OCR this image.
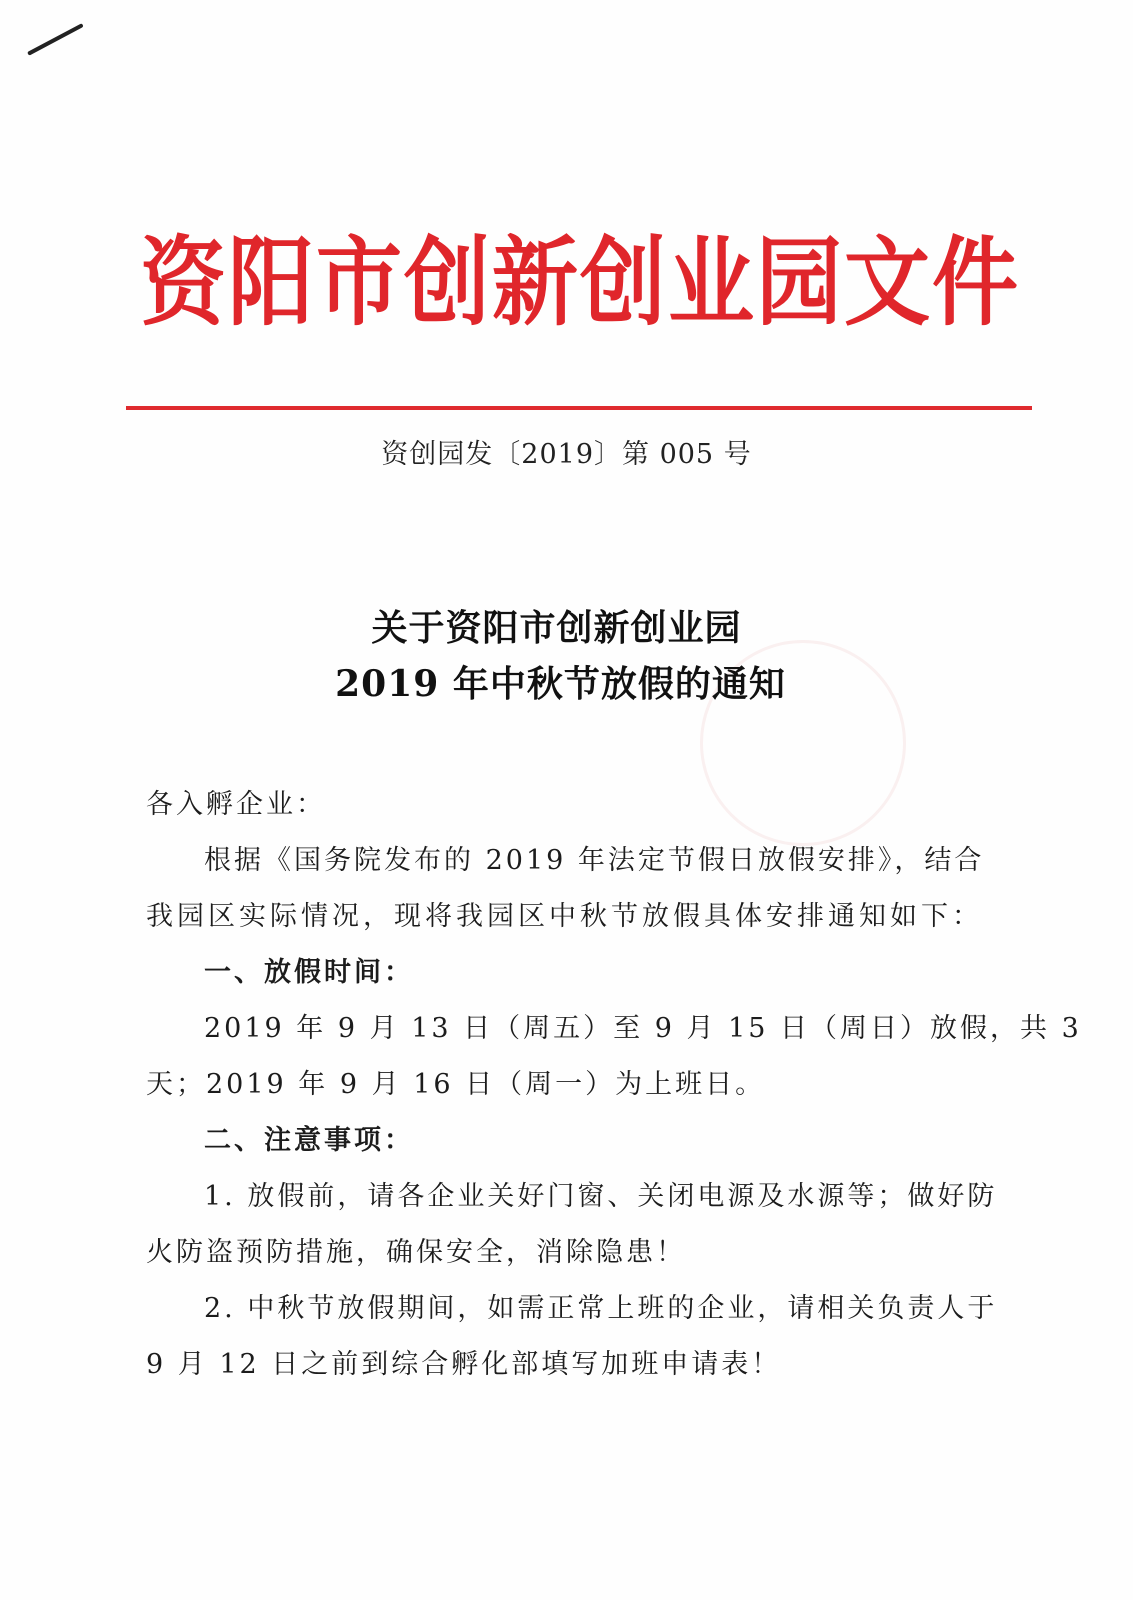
资阳市创新创业园文件
资创园发〔2019〕第 005 号
关于资阳市创新创业园
2019 年中秋节放假的通知
各入孵企业：
根据《国务院发布的 2019 年法定节假日放假安排》，结合
我园区实际情况，现将我园区中秋节放假具体安排通知如下：
一、放假时间：
2019 年 9 月 13 日（周五）至 9 月 15 日（周日）放假，共 3
天；2019 年 9 月 16 日（周一）为上班日。
二、注意事项：
1. 放假前，请各企业关好门窗、关闭电源及水源等；做好防
火防盗预防措施，确保安全，消除隐患！
2. 中秋节放假期间，如需正常上班的企业，请相关负责人于
9 月 12 日之前到综合孵化部填写加班申请表！
